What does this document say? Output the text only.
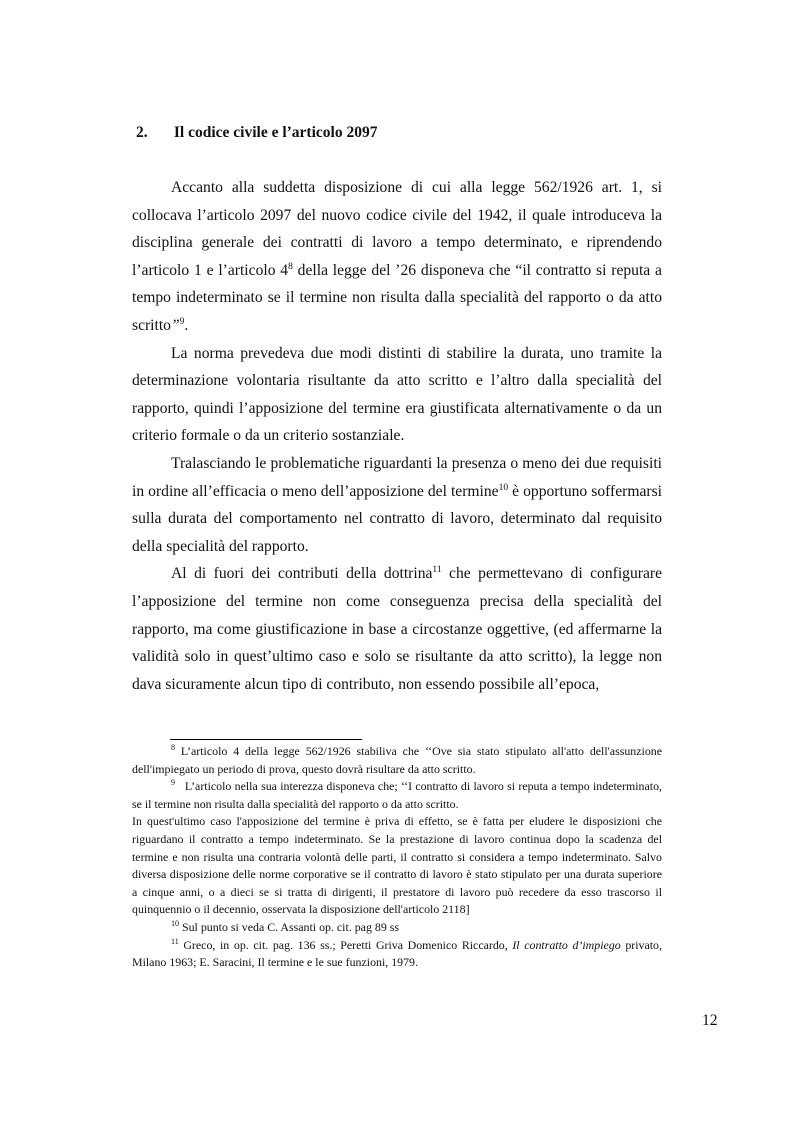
2. Il codice civile e l’articolo 2097

Accanto alla suddetta disposizione di cui alla legge 562/1926 art. 1, si collocava l’articolo 2097 del nuovo codice civile del 1942, il quale introduceva la disciplina generale dei contratti di lavoro a tempo determinato, e riprendendo l’articolo 1 e l’articolo $4^8$ della legge del ’26 disponeva che “il contratto si reputa a tempo indeterminato se il termine non risulta dalla specialità del rapporto o da atto scritto”$^9$.

La norma prevedeva due modi distinti di stabilire la durata, uno tramite la determinazione volontaria risultante da atto scritto e l’altro dalla specialità del rapporto, quindi l’apposizione del termine era giustificata alternativamente o da un criterio formale o da un criterio sostanziale.

Tralasciando le problematiche riguardanti la presenza o meno dei due requisiti in ordine all’efficacia o meno dell’apposizione del termine$^{10}$ è opportuno soffermarsi sulla durata del comportamento nel contratto di lavoro, determinato dal requisito della specialità del rapporto.

Al di fuori dei contributi della dottrina$^{11}$ che permettevano di configurare l’apposizione del termine non come conseguenza precisa della specialità del rapporto, ma come giustificazione in base a circostanze oggettive, (ed affermarne la validità solo in quest’ultimo caso e solo se risultante da atto scritto), la legge non dava sicuramente alcun tipo di contributo, non essendo possibile all’epoca,

$^8$ L’articolo 4 della legge 562/1926 stabiliva che ‘‘Ove sia stato stipulato all'atto dell'assunzione dell'impiegato un periodo di prova, questo dovrà risultare da atto scritto.

$^9$ L’articolo nella sua interezza disponeva che; ‘‘I contratto di lavoro si reputa a tempo indeterminato, se il termine non risulta dalla specialità del rapporto o da atto scritto.

In quest'ultimo caso l'apposizione del termine è priva di effetto, se è fatta per eludere le disposizioni che riguardano il contratto a tempo indeterminato. Se la prestazione di lavoro continua dopo la scadenza del termine e non risulta una contraria volontà delle parti, il contratto si considera a tempo indeterminato. Salvo diversa disposizione delle norme corporative se il contratto di lavoro è stato stipulato per una durata superiore a cinque anni, o a dieci se si tratta di dirigenti, il prestatore di lavoro può recedere da esso trascorso il quinquennio o il decennio, osservata la disposizione dell'articolo 2118]

$^{10}$ Sul punto si veda C. Assanti op. cit. pag 89 ss

$^{11}$ Greco, in op. cit. pag. 136 ss.; Peretti Griva Domenico Riccardo, Il contratto d’impiego privato, Milano 1963; E. Saracini, Il termine e le sue funzioni, 1979.

12
